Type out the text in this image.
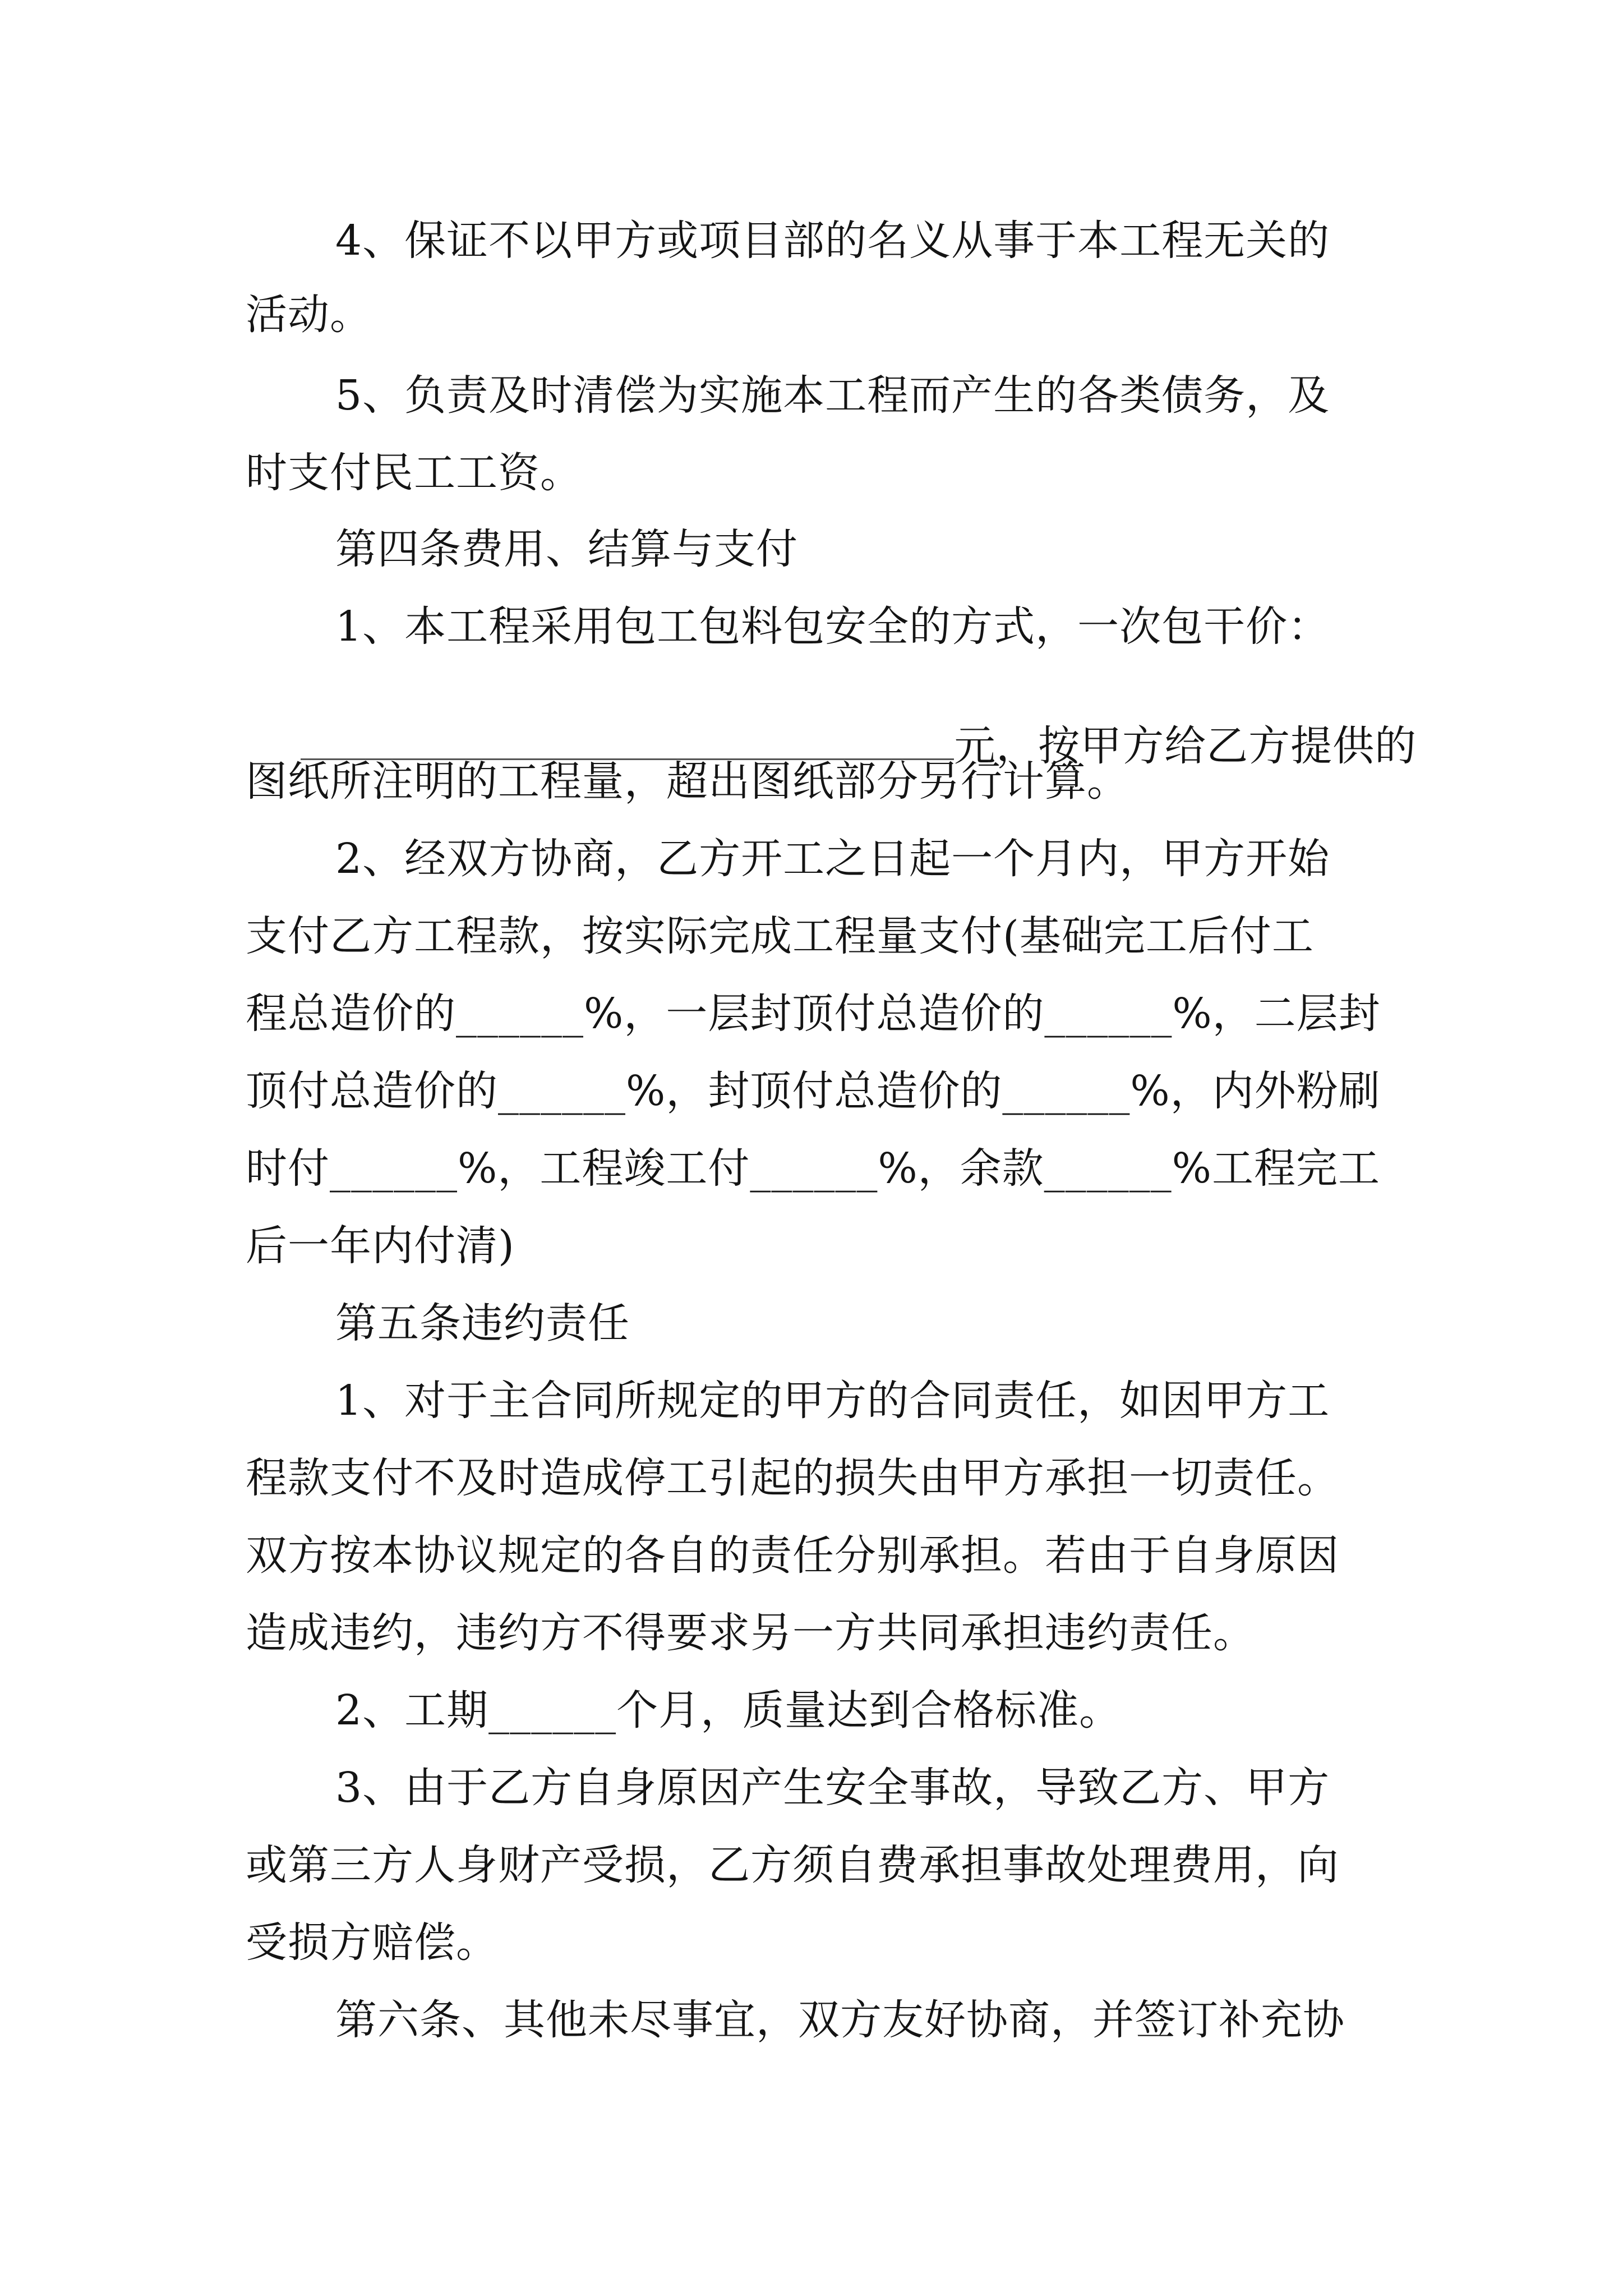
4、保证不以甲方或项目部的名义从事于本工程无关的
活动。
5、负责及时清偿为实施本工程而产生的各类债务，及
时支付民工工资。
第四条费用、结算与支付
1、本工程采用包工包料包安全的方式，一次包干价：

元，按甲方给乙方提供的

图纸所注明的工程量，超出图纸部分另行计算。
2、经双方协商，乙方开工之日起一个月内，甲方开始
支付乙方工程款，按实际完成工程量支付(基础完工后付工
程总造价的______%，一层封顶付总造价的______%，二层封
顶付总造价的______%，封顶付总造价的______%，内外粉刷
时付______%，工程竣工付______%，余款______%工程完工
后一年内付清)
第五条违约责任
1、对于主合同所规定的甲方的合同责任，如因甲方工
程款支付不及时造成停工引起的损失由甲方承担一切责任。
双方按本协议规定的各自的责任分别承担。若由于自身原因
造成违约，违约方不得要求另一方共同承担违约责任。
2、工期______个月，质量达到合格标准。
3、由于乙方自身原因产生安全事故，导致乙方、甲方
或第三方人身财产受损，乙方须自费承担事故处理费用，向
受损方赔偿。
第六条、其他未尽事宜，双方友好协商，并签订补充协
